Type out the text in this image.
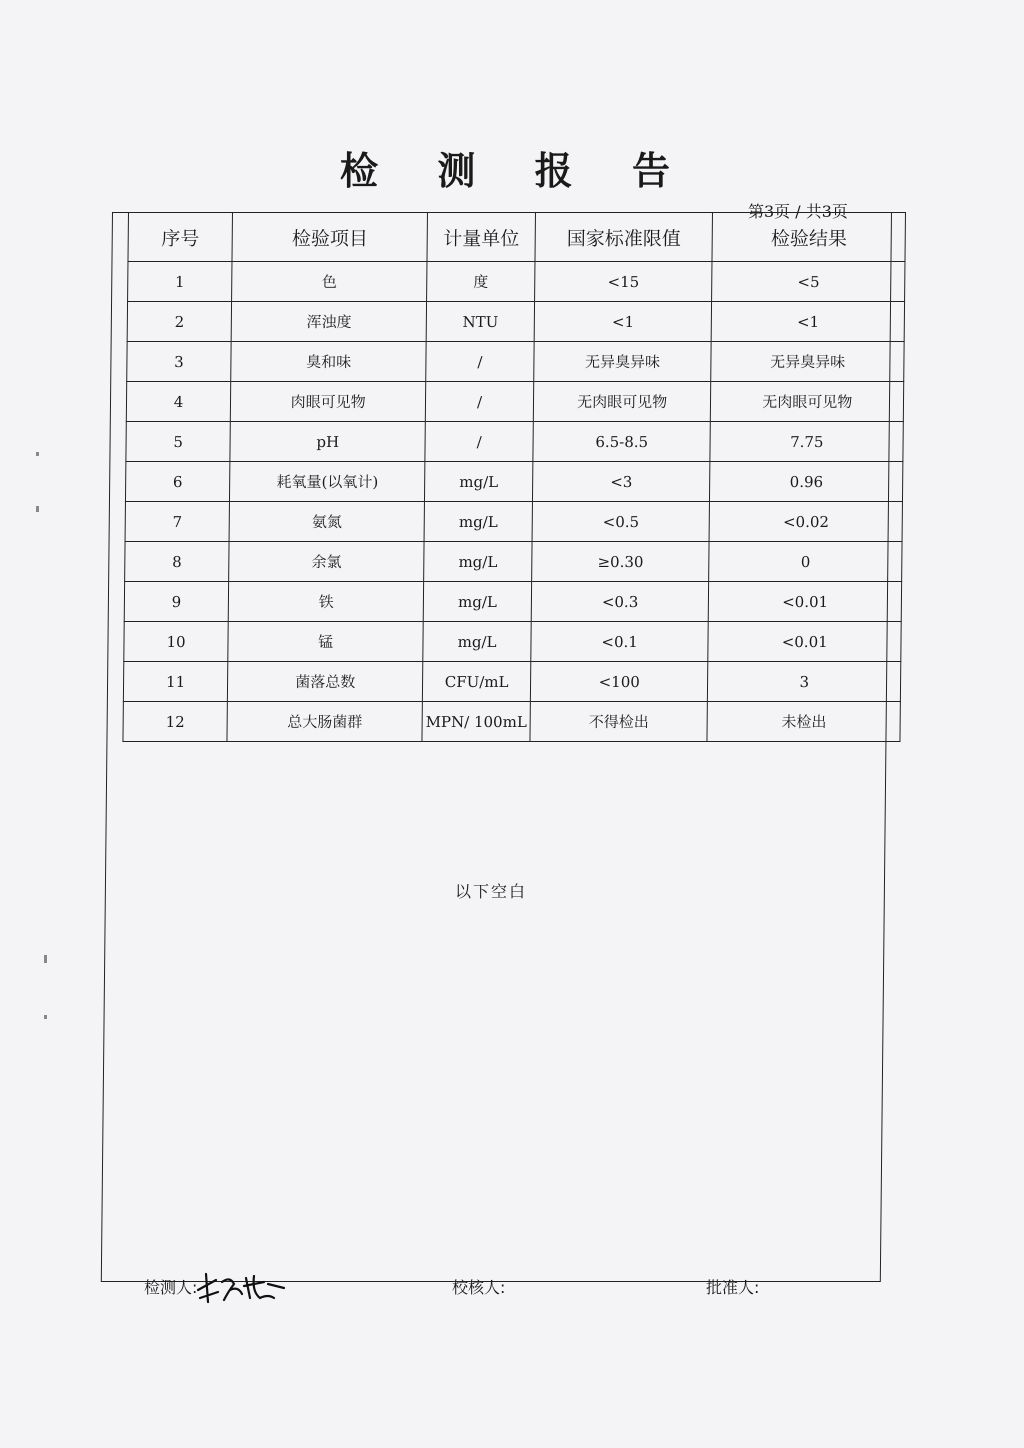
检 测 报 告
第3页 / 共3页
序号	检验项目	计量单位	国家标准限值	检验结果
1	色	度	<15	<5
2	浑浊度	NTU	<1	<1
3	臭和味	/	无异臭异味	无异臭异味
4	肉眼可见物	/	无肉眼可见物	无肉眼可见物
5	pH	/	6.5-8.5	7.75
6	耗氧量(以氧计)	mg/L	<3	0.96
7	氨氮	mg/L	<0.5	<0.02
8	余氯	mg/L	≥0.30	0
9	铁	mg/L	<0.3	<0.01
10	锰	mg/L	<0.1	<0.01
11	菌落总数	CFU/mL	<100	3
12	总大肠菌群	MPN/ 100mL	不得检出	未检出
以下空白
检测人:	校核人:	批准人:
